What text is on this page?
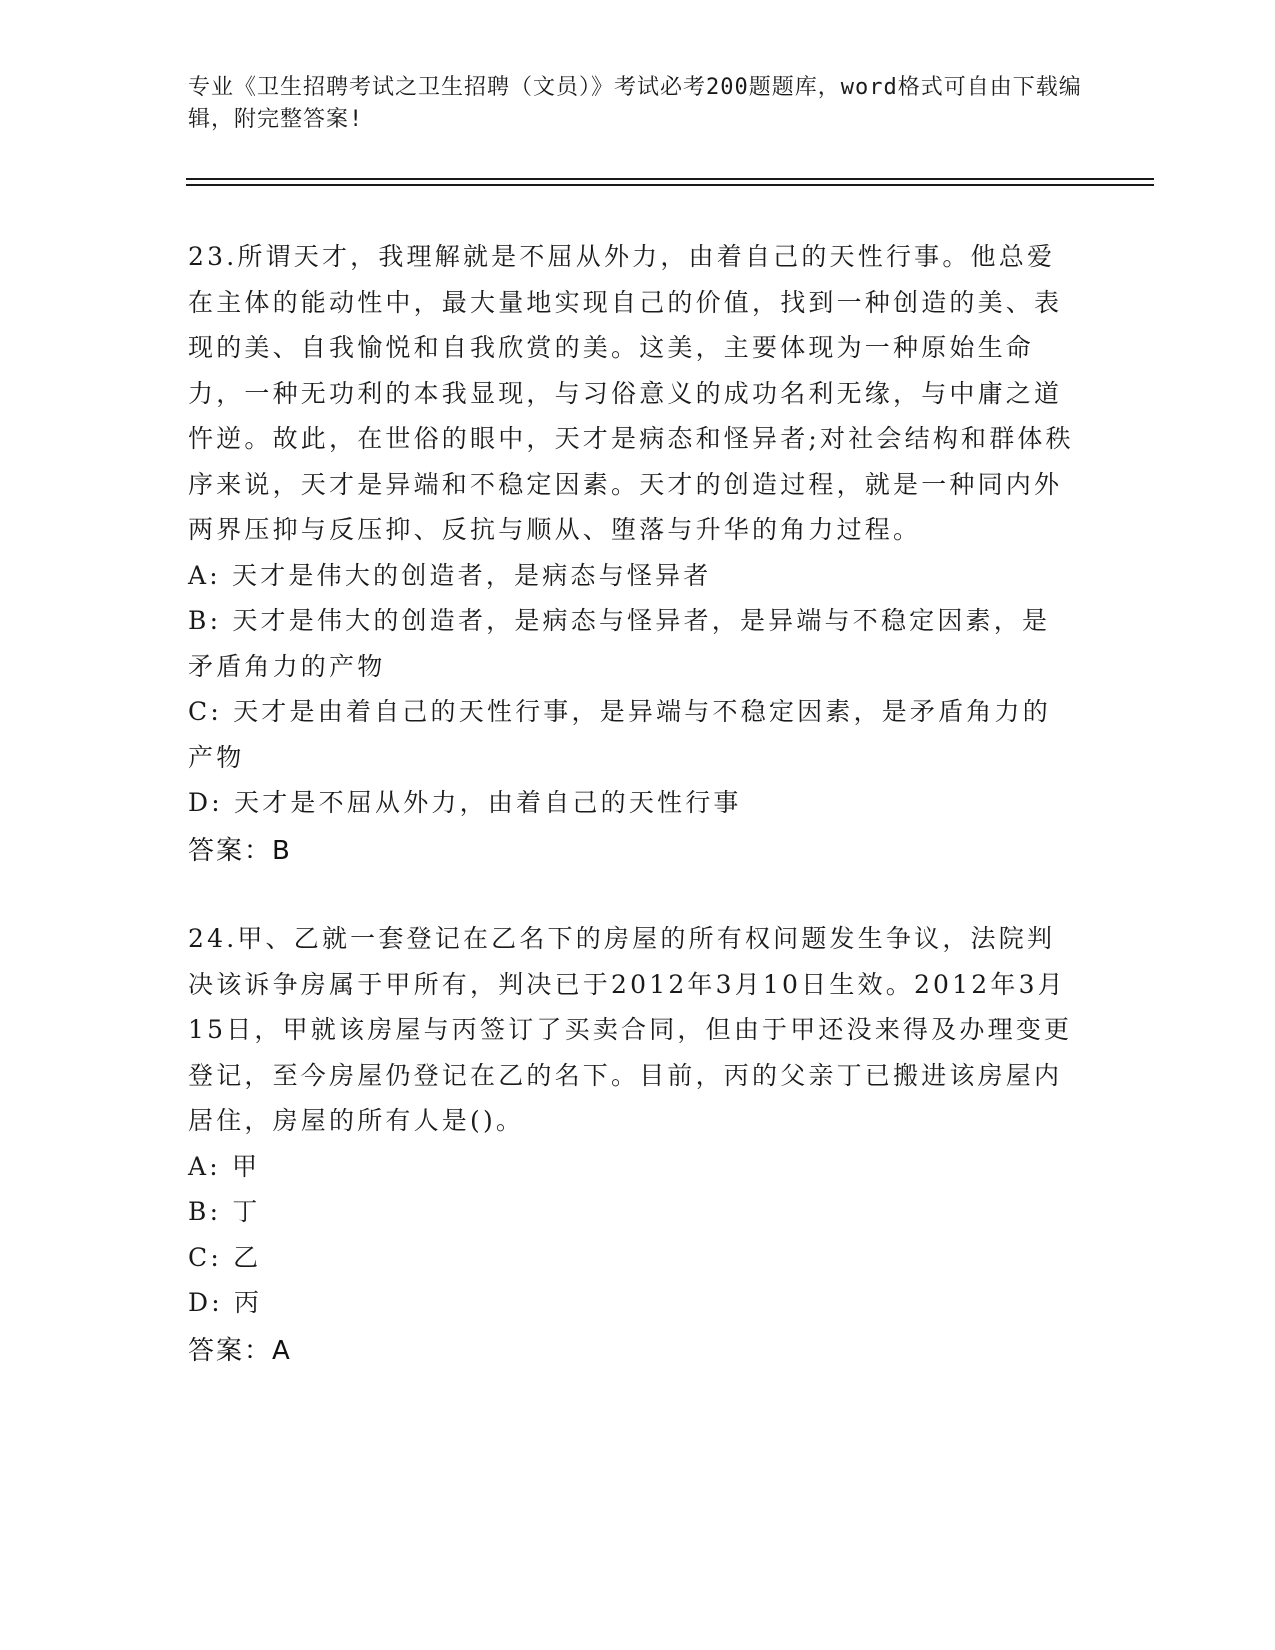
专业《卫生招聘考试之卫生招聘（文员）》考试必考200题题库，word格式可自由下载编辑，附完整答案!

23.所谓天才，我理解就是不屈从外力，由着自己的天性行事。他总爱在主体的能动性中，最大量地实现自己的价值，找到一种创造的美、表现的美、自我愉悦和自我欣赏的美。这美，主要体现为一种原始生命力，一种无功利的本我显现，与习俗意义的成功名利无缘，与中庸之道忤逆。故此，在世俗的眼中，天才是病态和怪异者;对社会结构和群体秩序来说，天才是异端和不稳定因素。天才的创造过程，就是一种同内外两界压抑与反压抑、反抗与顺从、堕落与升华的角力过程。

A: 天才是伟大的创造者，是病态与怪异者

B: 天才是伟大的创造者，是病态与怪异者，是异端与不稳定因素，是矛盾角力的产物

C: 天才是由着自己的天性行事，是异端与不稳定因素，是矛盾角力的产物

D: 天才是不屈从外力，由着自己的天性行事

答案：B

24.甲、乙就一套登记在乙名下的房屋的所有权问题发生争议，法院判决该诉争房属于甲所有，判决已于2012年3月10日生效。2012年3月15日，甲就该房屋与丙签订了买卖合同，但由于甲还没来得及办理变更登记，至今房屋仍登记在乙的名下。目前，丙的父亲丁已搬进该房屋内居住，房屋的所有人是()。

A: 甲

B: 丁

C: 乙

D: 丙

答案：A
